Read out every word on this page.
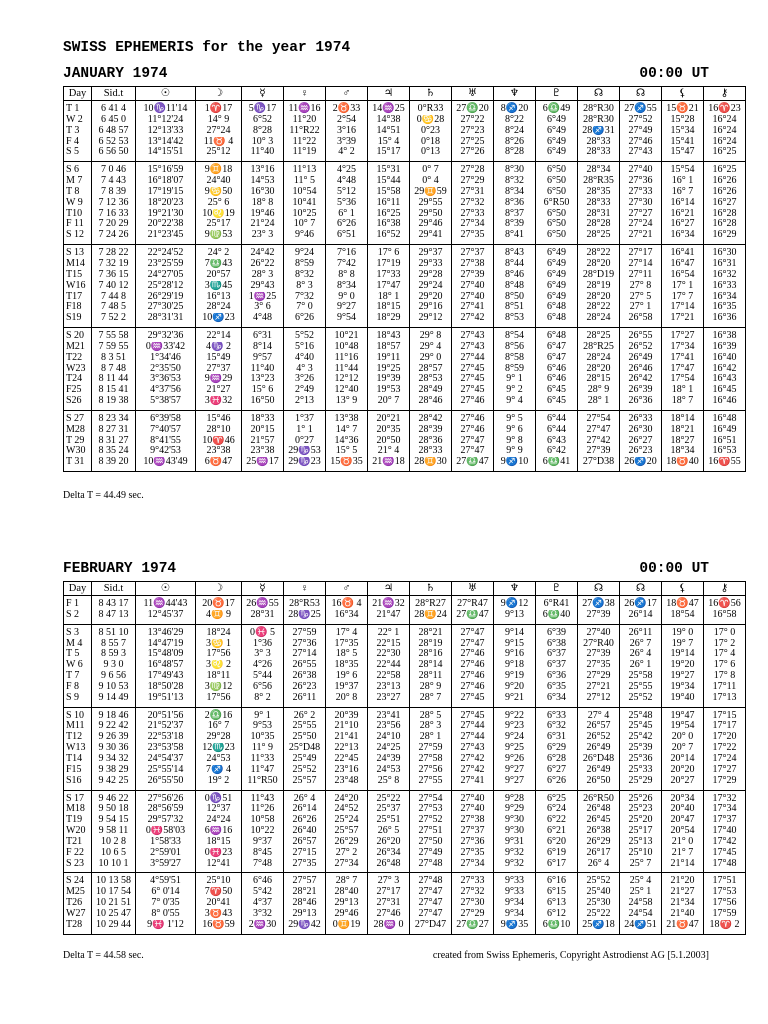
SWISS EPHEMERIS for the year 1974
JANUARY 1974	00:00 UT
Day	Sid.t	☉	☽	☿	♀	♂	♃	♄	♅	♆	♇	☊	☊	⚸	⚷
T 1	6 41 4	10♑11'14	1♈17	5♑17	11♒16	2♉33	14♒25	0°R33	27♎20	8♐20	6♎49	28°R30	27♐55	15♉21	16♈23
W 2	6 45 0	11°12'24	14° 9	6°52	11°20	2°54	14°38	0♋28	27°22	8°22	6°49	28°R30	27°52	15°28	16°24
T 3	6 48 57	12°13'33	27°24	8°28	11°R22	3°16	14°51	0°23	27°23	8°24	6°49	28♐31	27°49	15°34	16°24
F 4	6 52 53	13°14'42	11♉ 4	10° 3	11°22	3°39	15° 4	0°18	27°25	8°26	6°49	28°33	27°46	15°41	16°24
S 5	6 56 50	14°15'51	25°12	11°40	11°19	4° 2	15°17	0°13	27°26	8°28	6°49	28°33	27°43	15°47	16°25
S 6	7 0 46	15°16'59	9♊18	13°16	11°13	4°25	15°31	0° 7	27°28	8°30	6°50	28°34	27°40	15°54	16°25
M 7	7 4 43	16°18'07	24°40	14°53	11° 5	4°48	15°44	0° 4	27°29	8°32	6°50	28°R35	27°36	16° 1	16°26
T 8	7 8 39	17°19'15	9♋50	16°30	10°54	5°12	15°58	29♊59	27°31	8°34	6°50	28°35	27°33	16° 7	16°26
W 9	7 12 36	18°20'23	25° 6	18° 8	10°41	5°36	16°11	29°55	27°32	8°36	6°R50	28°33	27°30	16°14	16°27
T10	7 16 33	19°21'30	10♌19	19°46	10°25	6° 1	16°25	29°50	27°33	8°37	6°50	28°31	27°27	16°21	16°28
F 11	7 20 29	20°22'38	25°17	21°24	10° 7	6°26	16°38	29°46	27°34	8°39	6°50	28°28	27°24	16°27	16°28
S 12	7 24 26	21°23'45	9♍53	23° 3	9°46	6°51	16°52	29°41	27°35	8°41	6°50	28°25	27°21	16°34	16°29
S 13	7 28 22	22°24'52	24° 2	24°42	9°24	7°16	17° 6	29°37	27°37	8°43	6°49	28°22	27°17	16°41	16°30
M14	7 32 19	23°25'59	7♎43	26°22	8°59	7°42	17°19	29°33	27°38	8°44	6°49	28°20	27°14	16°47	16°31
T15	7 36 15	24°27'05	20°57	28° 3	8°32	8° 8	17°33	29°28	27°39	8°46	6°49	28°D19	27°11	16°54	16°32
W16	7 40 12	25°28'12	3♏45	29°43	8° 3	8°34	17°47	29°24	27°40	8°48	6°49	28°19	27° 8	17° 1	16°33
T17	7 44 8	26°29'19	16°13	1♒25	7°32	9° 0	18° 1	29°20	27°40	8°50	6°49	28°20	27° 5	17° 7	16°34
F18	7 48 5	27°30'25	28°24	3° 6	7° 0	9°27	18°15	29°16	27°41	8°51	6°48	28°22	27° 1	17°14	16°35
S19	7 52 2	28°31'31	10♐23	4°48	6°26	9°54	18°29	29°12	27°42	8°53	6°48	28°24	26°58	17°21	16°36
S 20	7 55 58	29°32'36	22°14	6°31	5°52	10°21	18°43	29° 8	27°43	8°54	6°48	28°25	26°55	17°27	16°38
M21	7 59 55	0♒33'42	4♑ 2	8°14	5°16	10°48	18°57	29° 4	27°43	8°56	6°47	28°R25	26°52	17°34	16°39
T22	8 3 51	1°34'46	15°49	9°57	4°40	11°16	19°11	29° 0	27°44	8°58	6°47	28°24	26°49	17°41	16°40
W23	8 7 48	2°35'50	27°37	11°40	4° 3	11°44	19°25	28°57	27°45	8°59	6°46	28°20	26°46	17°47	16°42
T24	8 11 44	3°36'53	9♒29	13°23	3°26	12°12	19°39	28°53	27°45	9° 1	6°46	28°15	26°42	17°54	16°43
F25	8 15 41	4°37'56	21°27	15° 6	2°49	12°40	19°53	28°49	27°45	9° 2	6°45	28° 9	26°39	18° 1	16°45
S26	8 19 38	5°38'57	3♓32	16°50	2°13	13° 9	20° 7	28°46	27°46	9° 4	6°45	28° 1	26°36	18° 7	16°46
S 27	8 23 34	6°39'58	15°46	18°33	1°37	13°38	20°21	28°42	27°46	9° 5	6°44	27°54	26°33	18°14	16°48
M28	8 27 31	7°40'57	28°10	20°15	1° 1	14° 7	20°35	28°39	27°46	9° 6	6°44	27°47	26°30	18°21	16°49
T 29	8 31 27	8°41'55	10♈46	21°57	0°27	14°36	20°50	28°36	27°47	9° 8	6°43	27°42	26°27	18°27	16°51
W30	8 35 24	9°42'53	23°38	23°38	29♑53	15° 5	21° 4	28°33	27°47	9° 9	6°42	27°39	26°23	18°34	16°53
T 31	8 39 20	10♒43'49	6♉47	25♒17	29♑23	15♉35	21♒18	28♊30	27♎47	9♐10	6♎41	27°D38	26♐20	18♉40	16♈55
Delta T = 44.49 sec.
FEBRUARY 1974	00:00 UT
Day	Sid.t	☉	☽	☿	♀	♂	♃	♄	♅	♆	♇	☊	☊	⚸	⚷
F 1	8 43 17	11♒44'43	20♉17	26♒55	28°R53	16♉ 4	21♒32	28°R27	27°R47	9♐12	6°R41	27♐38	26♐17	18♉47	16♈56
S 2	8 47 13	12°45'37	4♊ 9	28°31	28♑25	16°34	21°47	28♊24	27♎47	9°13	6♎40	27°39	26°14	18°54	16°58
S 3	8 51 10	13°46'29	18°24	0♓ 5	27°59	17° 4	22° 1	28°21	27°47	9°14	6°39	27°40	26°11	19° 0	17° 0
M 4	8 55 7	14°47'19	3♋ 1	1°36	27°36	17°35	22°15	28°19	27°47	9°15	6°38	27°R40	26° 7	19° 7	17° 2
T 5	8 59 3	15°48'09	17°56	3° 3	27°14	18° 5	22°30	28°16	27°46	9°16	6°37	27°39	26° 4	19°14	17° 4
W 6	9 3 0	16°48'57	3♌ 2	4°26	26°55	18°35	22°44	28°14	27°46	9°18	6°37	27°35	26° 1	19°20	17° 6
T 7	9 6 56	17°49'43	18°11	5°44	26°38	19° 6	22°58	28°11	27°46	9°19	6°36	27°29	25°58	19°27	17° 8
F 8	9 10 53	18°50'28	3♍12	6°56	26°23	19°37	23°13	28° 9	27°46	9°20	6°35	27°21	25°55	19°34	17°11
S 9	9 14 49	19°51'13	17°56	8° 2	26°11	20° 8	23°27	28° 7	27°45	9°21	6°34	27°12	25°52	19°40	17°13
S 10	9 18 46	20°51'56	2♎16	9° 1	26° 2	20°39	23°41	28° 5	27°45	9°22	6°33	27° 4	25°48	19°47	17°15
M11	9 22 42	21°52'37	16° 7	9°53	25°55	21°10	23°56	28° 3	27°44	9°23	6°32	26°57	25°45	19°54	17°17
T12	9 26 39	22°53'18	29°28	10°35	25°50	21°41	24°10	28° 1	27°44	9°24	6°31	26°52	25°42	20° 0	17°20
W13	9 30 36	23°53'58	12♏23	11° 9	25°D48	22°13	24°25	27°59	27°43	9°25	6°29	26°49	25°39	20° 7	17°22
T14	9 34 32	24°54'37	24°53	11°33	25°49	22°45	24°39	27°58	27°42	9°26	6°28	26°D48	25°36	20°14	17°24
F15	9 38 29	25°55'14	7♐ 4	11°47	25°52	23°16	24°53	27°56	27°42	9°27	6°27	26°49	25°33	20°20	17°27
S16	9 42 25	26°55'50	19° 2	11°R50	25°57	23°48	25° 8	27°55	27°41	9°27	6°26	26°50	25°29	20°27	17°29
S 17	9 46 22	27°56'26	0♑51	11°43	26° 4	24°20	25°22	27°54	27°40	9°28	6°25	26°R50	25°26	20°34	17°32
M18	9 50 18	28°56'59	12°37	11°26	26°14	24°52	25°37	27°53	27°40	9°29	6°24	26°48	25°23	20°40	17°34
T19	9 54 15	29°57'32	24°24	10°58	26°26	25°24	25°51	27°52	27°38	9°30	6°22	26°45	25°20	20°47	17°37
W20	9 58 11	0♓58'03	6♒16	10°22	26°40	25°57	26° 5	27°51	27°37	9°30	6°21	26°38	25°17	20°54	17°40
T21	10 2 8	1°58'33	18°15	9°37	26°57	26°29	26°20	27°50	27°36	9°31	6°20	26°29	25°13	21° 0	17°42
F 22	10 6 5	2°59'01	0♓23	8°45	27°15	27° 2	26°34	27°49	27°35	9°32	6°19	26°17	25°10	21° 7	17°45
S 23	10 10 1	3°59'27	12°41	7°48	27°35	27°34	26°48	27°48	27°34	9°32	6°17	26° 4	25° 7	21°14	17°48
S 24	10 13 58	4°59'51	25°10	6°46	27°57	28° 7	27° 3	27°48	27°33	9°33	6°16	25°52	25° 4	21°20	17°51
M25	10 17 54	6° 0'14	7♈50	5°42	28°21	28°40	27°17	27°47	27°32	9°33	6°15	25°40	25° 1	21°27	17°53
T26	10 21 51	7° 0'35	20°41	4°37	28°46	29°13	27°31	27°47	27°30	9°34	6°13	25°30	24°58	21°34	17°56
W27	10 25 47	8° 0'55	3♉43	3°32	29°13	29°46	27°46	27°47	27°29	9°34	6°12	25°22	24°54	21°40	17°59
T28	10 29 44	9♓ 1'12	16♉59	2♒30	29♑42	0♊19	28♒ 0	27°D47	27♎27	9♐35	6♎10	25♐18	24♐51	21♉47	18♈ 2
Delta T = 44.58 sec.	created from Swiss Ephemeris, Copyright Astrodienst AG [5.1.2003]
